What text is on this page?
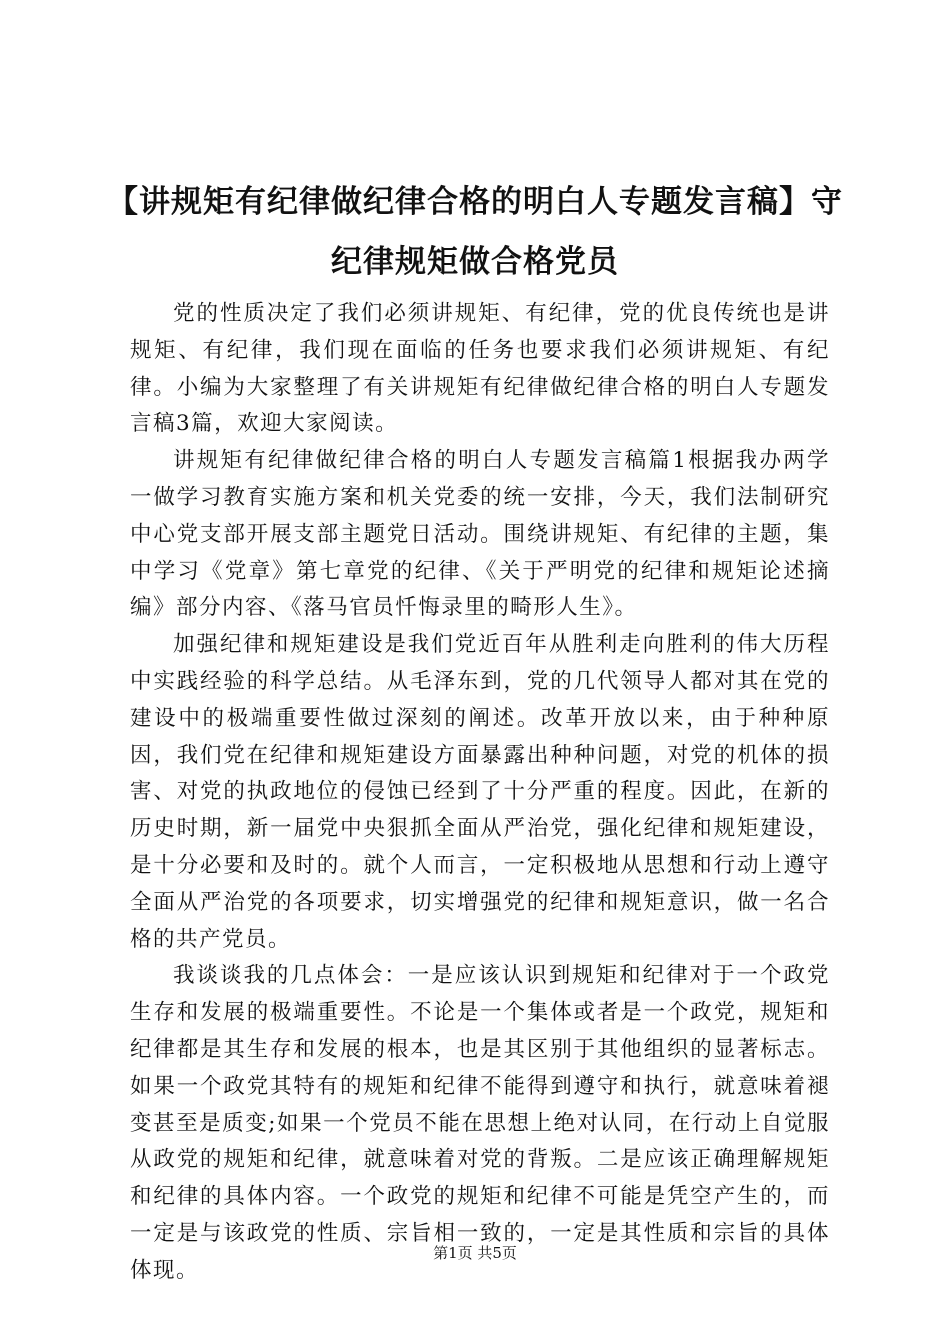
【讲规矩有纪律做纪律合格的明白人专题发言稿】守纪律规矩做合格党员

党的性质决定了我们必须讲规矩、有纪律，党的优良传统也是讲规矩、有纪律，我们现在面临的任务也要求我们必须讲规矩、有纪律。小编为大家整理了有关讲规矩有纪律做纪律合格的明白人专题发言稿3篇，欢迎大家阅读。

讲规矩有纪律做纪律合格的明白人专题发言稿篇1根据我办两学一做学习教育实施方案和机关党委的统一安排，今天，我们法制研究中心党支部开展支部主题党日活动。围绕讲规矩、有纪律的主题，集中学习《党章》第七章党的纪律、《关于严明党的纪律和规矩论述摘编》部分内容、《落马官员忏悔录里的畸形人生》。

加强纪律和规矩建设是我们党近百年从胜利走向胜利的伟大历程中实践经验的科学总结。从毛泽东到，党的几代领导人都对其在党的建设中的极端重要性做过深刻的阐述。改革开放以来，由于种种原因，我们党在纪律和规矩建设方面暴露出种种问题，对党的机体的损害、对党的执政地位的侵蚀已经到了十分严重的程度。因此，在新的历史时期，新一届党中央狠抓全面从严治党，强化纪律和规矩建设，是十分必要和及时的。就个人而言，一定积极地从思想和行动上遵守全面从严治党的各项要求，切实增强党的纪律和规矩意识，做一名合格的共产党员。

我谈谈我的几点体会：一是应该认识到规矩和纪律对于一个政党生存和发展的极端重要性。不论是一个集体或者是一个政党，规矩和纪律都是其生存和发展的根本，也是其区别于其他组织的显著标志。如果一个政党其特有的规矩和纪律不能得到遵守和执行，就意味着褪变甚至是质变;如果一个党员不能在思想上绝对认同，在行动上自觉服从政党的规矩和纪律，就意味着对党的背叛。二是应该正确理解规矩和纪律的具体内容。一个政党的规矩和纪律不可能是凭空产生的，而一定是与该政党的性质、宗旨相一致的，一定是其性质和宗旨的具体体现。

第1页 共5页
